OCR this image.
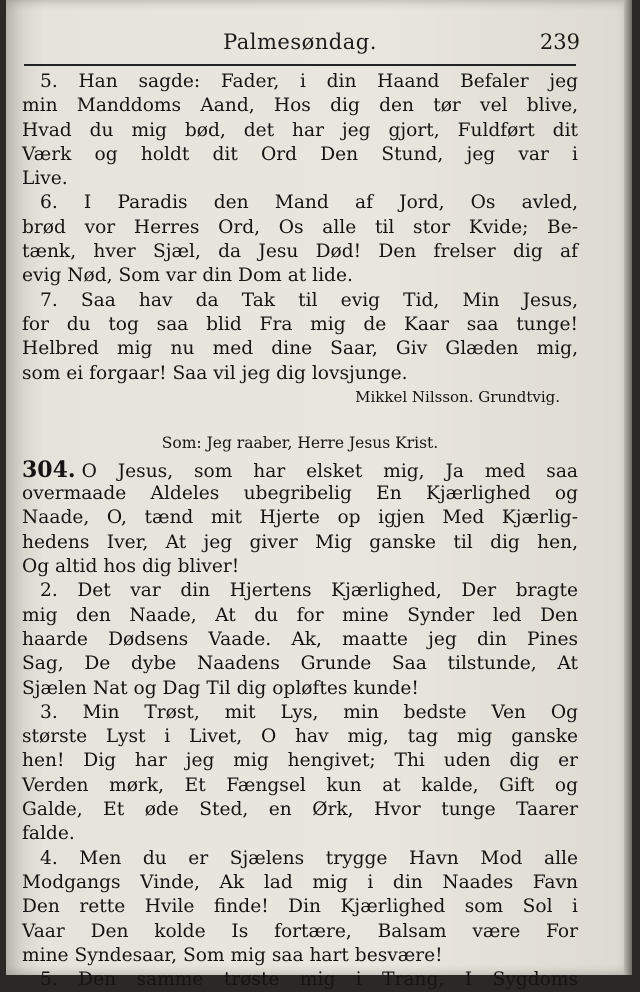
Palmesøndag.	239
5. Han sagde: Fader, i din Haand Befaler jeg
min Manddoms Aand, Hos dig den tør vel blive,
Hvad du mig bød, det har jeg gjort, Fuldført dit
Værk og holdt dit Ord Den Stund, jeg var i
Live.
6. I Paradis den Mand af Jord, Os avled,
brød vor Herres Ord, Os alle til stor Kvide; Be-
tænk, hver Sjæl, da Jesu Død! Den frelser dig af
evig Nød, Som var din Dom at lide.
7. Saa hav da Tak til evig Tid, Min Jesus,
for du tog saa blid Fra mig de Kaar saa tunge!
Helbred mig nu med dine Saar, Giv Glæden mig,
som ei forgaar! Saa vil jeg dig lovsjunge.
Mikkel Nilsson. Grundtvig.
Som: Jeg raaber, Herre Jesus Krist.
304. O Jesus, som har elsket mig, Ja med saa
overmaade Aldeles ubegribelig En Kjærlighed og
Naade, O, tænd mit Hjerte op igjen Med Kjærlig-
hedens Iver, At jeg giver Mig ganske til dig hen,
Og altid hos dig bliver!
2. Det var din Hjertens Kjærlighed, Der bragte
mig den Naade, At du for mine Synder led Den
haarde Dødsens Vaade. Ak, maatte jeg din Pines
Sag, De dybe Naadens Grunde Saa tilstunde, At
Sjælen Nat og Dag Til dig opløftes kunde!
3. Min Trøst, mit Lys, min bedste Ven Og
største Lyst i Livet, O hav mig, tag mig ganske
hen! Dig har jeg mig hengivet; Thi uden dig er
Verden mørk, Et Fængsel kun at kalde, Gift og
Galde, Et øde Sted, en Ørk, Hvor tunge Taarer
falde.
4. Men du er Sjælens trygge Havn Mod alle
Modgangs Vinde, Ak lad mig i din Naades Favn
Den rette Hvile finde! Din Kjærlighed som Sol i
Vaar Den kolde Is fortære, Balsam være For
mine Syndesaar, Som mig saa hart besvære!
5. Den samme trøste mig i Trang, I Sygdoms
